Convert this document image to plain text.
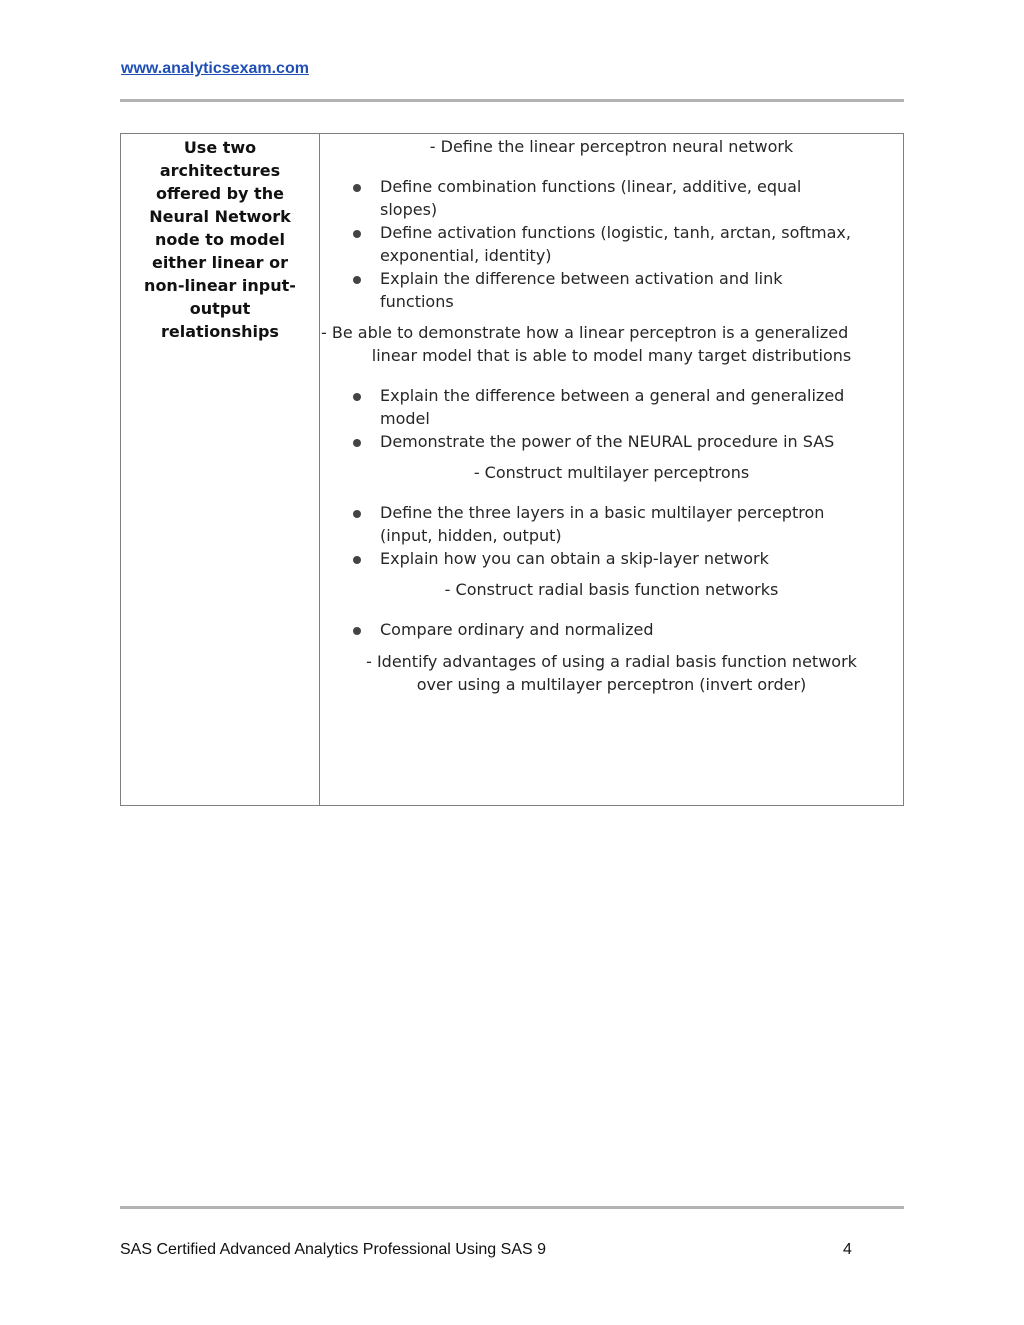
www.analyticsexam.com
Use two
architectures
offered by the
Neural Network
node to model
either linear or
non-linear input-
output
relationships
- Define the linear perceptron neural network
Define combination functions (linear, additive, equal
slopes)
Define activation functions (logistic, tanh, arctan, softmax,
exponential, identity)
Explain the difference between activation and link
functions
- Be able to demonstrate how a linear perceptron is a generalized
linear model that is able to model many target distributions
Explain the difference between a general and generalized
model
Demonstrate the power of the NEURAL procedure in SAS
- Construct multilayer perceptrons
Define the three layers in a basic multilayer perceptron
(input, hidden, output)
Explain how you can obtain a skip-layer network
- Construct radial basis function networks
Compare ordinary and normalized
- Identify advantages of using a radial basis function network
over using a multilayer perceptron (invert order)
SAS Certified Advanced Analytics Professional Using SAS 9	4
